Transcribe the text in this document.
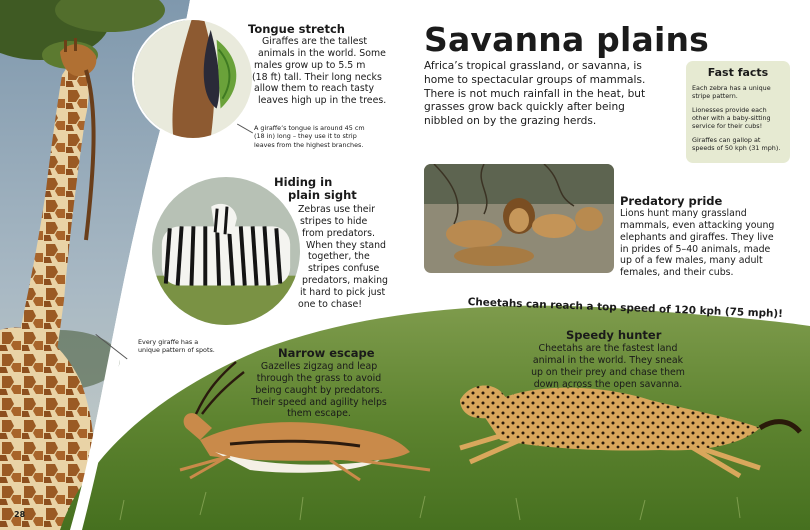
Tongue stretch
Giraffes are the tallest
animals in the world. Some
males grow up to 5.5 m
(18 ft) tall. Their long necks
allow them to reach tasty
leaves high up in the trees.
A giraffe’s tongue is around 45 cm
(18 in) long – they use it to strip
leaves from the highest branches.
Hiding in
plain sight
Zebras use their
stripes to hide
from predators.
When they stand
together, the
stripes confuse
predators, making
it hard to pick just
one to chase!
Every giraffe has a
unique pattern of spots.
Savanna plains
Africa’s tropical grassland, or savanna, is home to spectacular groups of mammals. There is not much rainfall in the heat, but grasses grow back quickly after being nibbled on by the grazing herds.
Fast facts
Each zebra has a unique stripe pattern.
Lionesses provide each other with a baby-sitting service for their cubs!
Giraffes can gallop at speeds of 50 kph (31 mph).
Predatory pride
Lions hunt many grassland
mammals, even attacking young
elephants and giraffes. They live
in prides of 5–40 animals, made
up of a few males, many adult
females, and their cubs.
Cheetahs can reach a top speed of 120 kph (75 mph)!
Narrow escape
Gazelles zigzag and leap
through the grass to avoid
being caught by predators.
Their speed and agility helps
them escape.
Speedy hunter
Cheetahs are the fastest land
animal in the world. They sneak
up on their prey and chase them
down across the open savanna.
28
